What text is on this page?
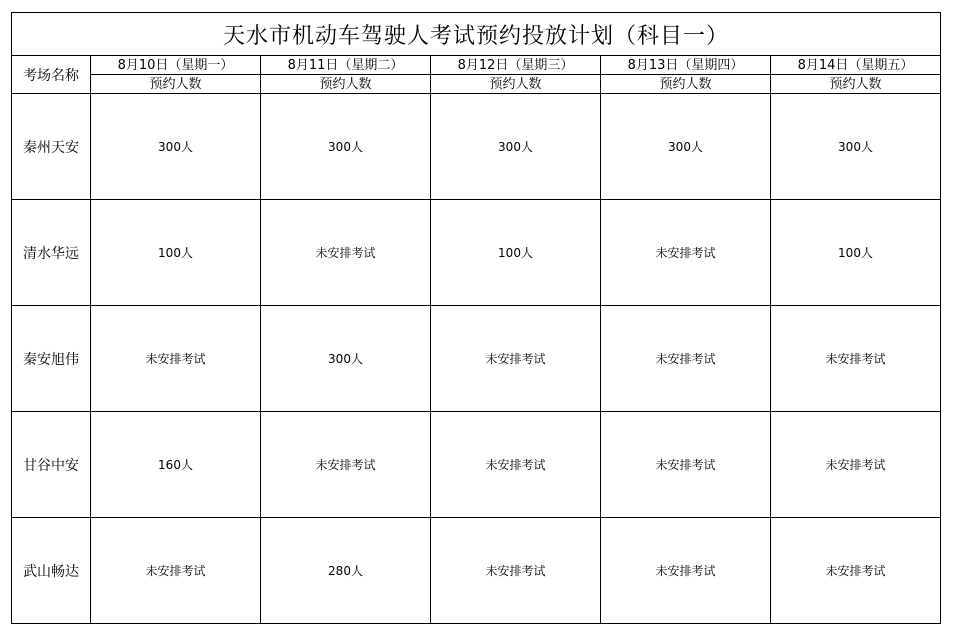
天水市机动车驾驶人考试预约投放计划（科目一）					
考场名称	8月10日（星期一）	8月11日（星期二）	8月12日（星期三）	8月13日（星期四）	8月14日（星期五）
	预约人数	预约人数	预约人数	预约人数	预约人数
秦州天安	300人	300人	300人	300人	300人
清水华远	100人	未安排考试	100人	未安排考试	100人
秦安旭伟	未安排考试	300人	未安排考试	未安排考试	未安排考试
甘谷中安	160人	未安排考试	未安排考试	未安排考试	未安排考试
武山畅达	未安排考试	280人	未安排考试	未安排考试	未安排考试
